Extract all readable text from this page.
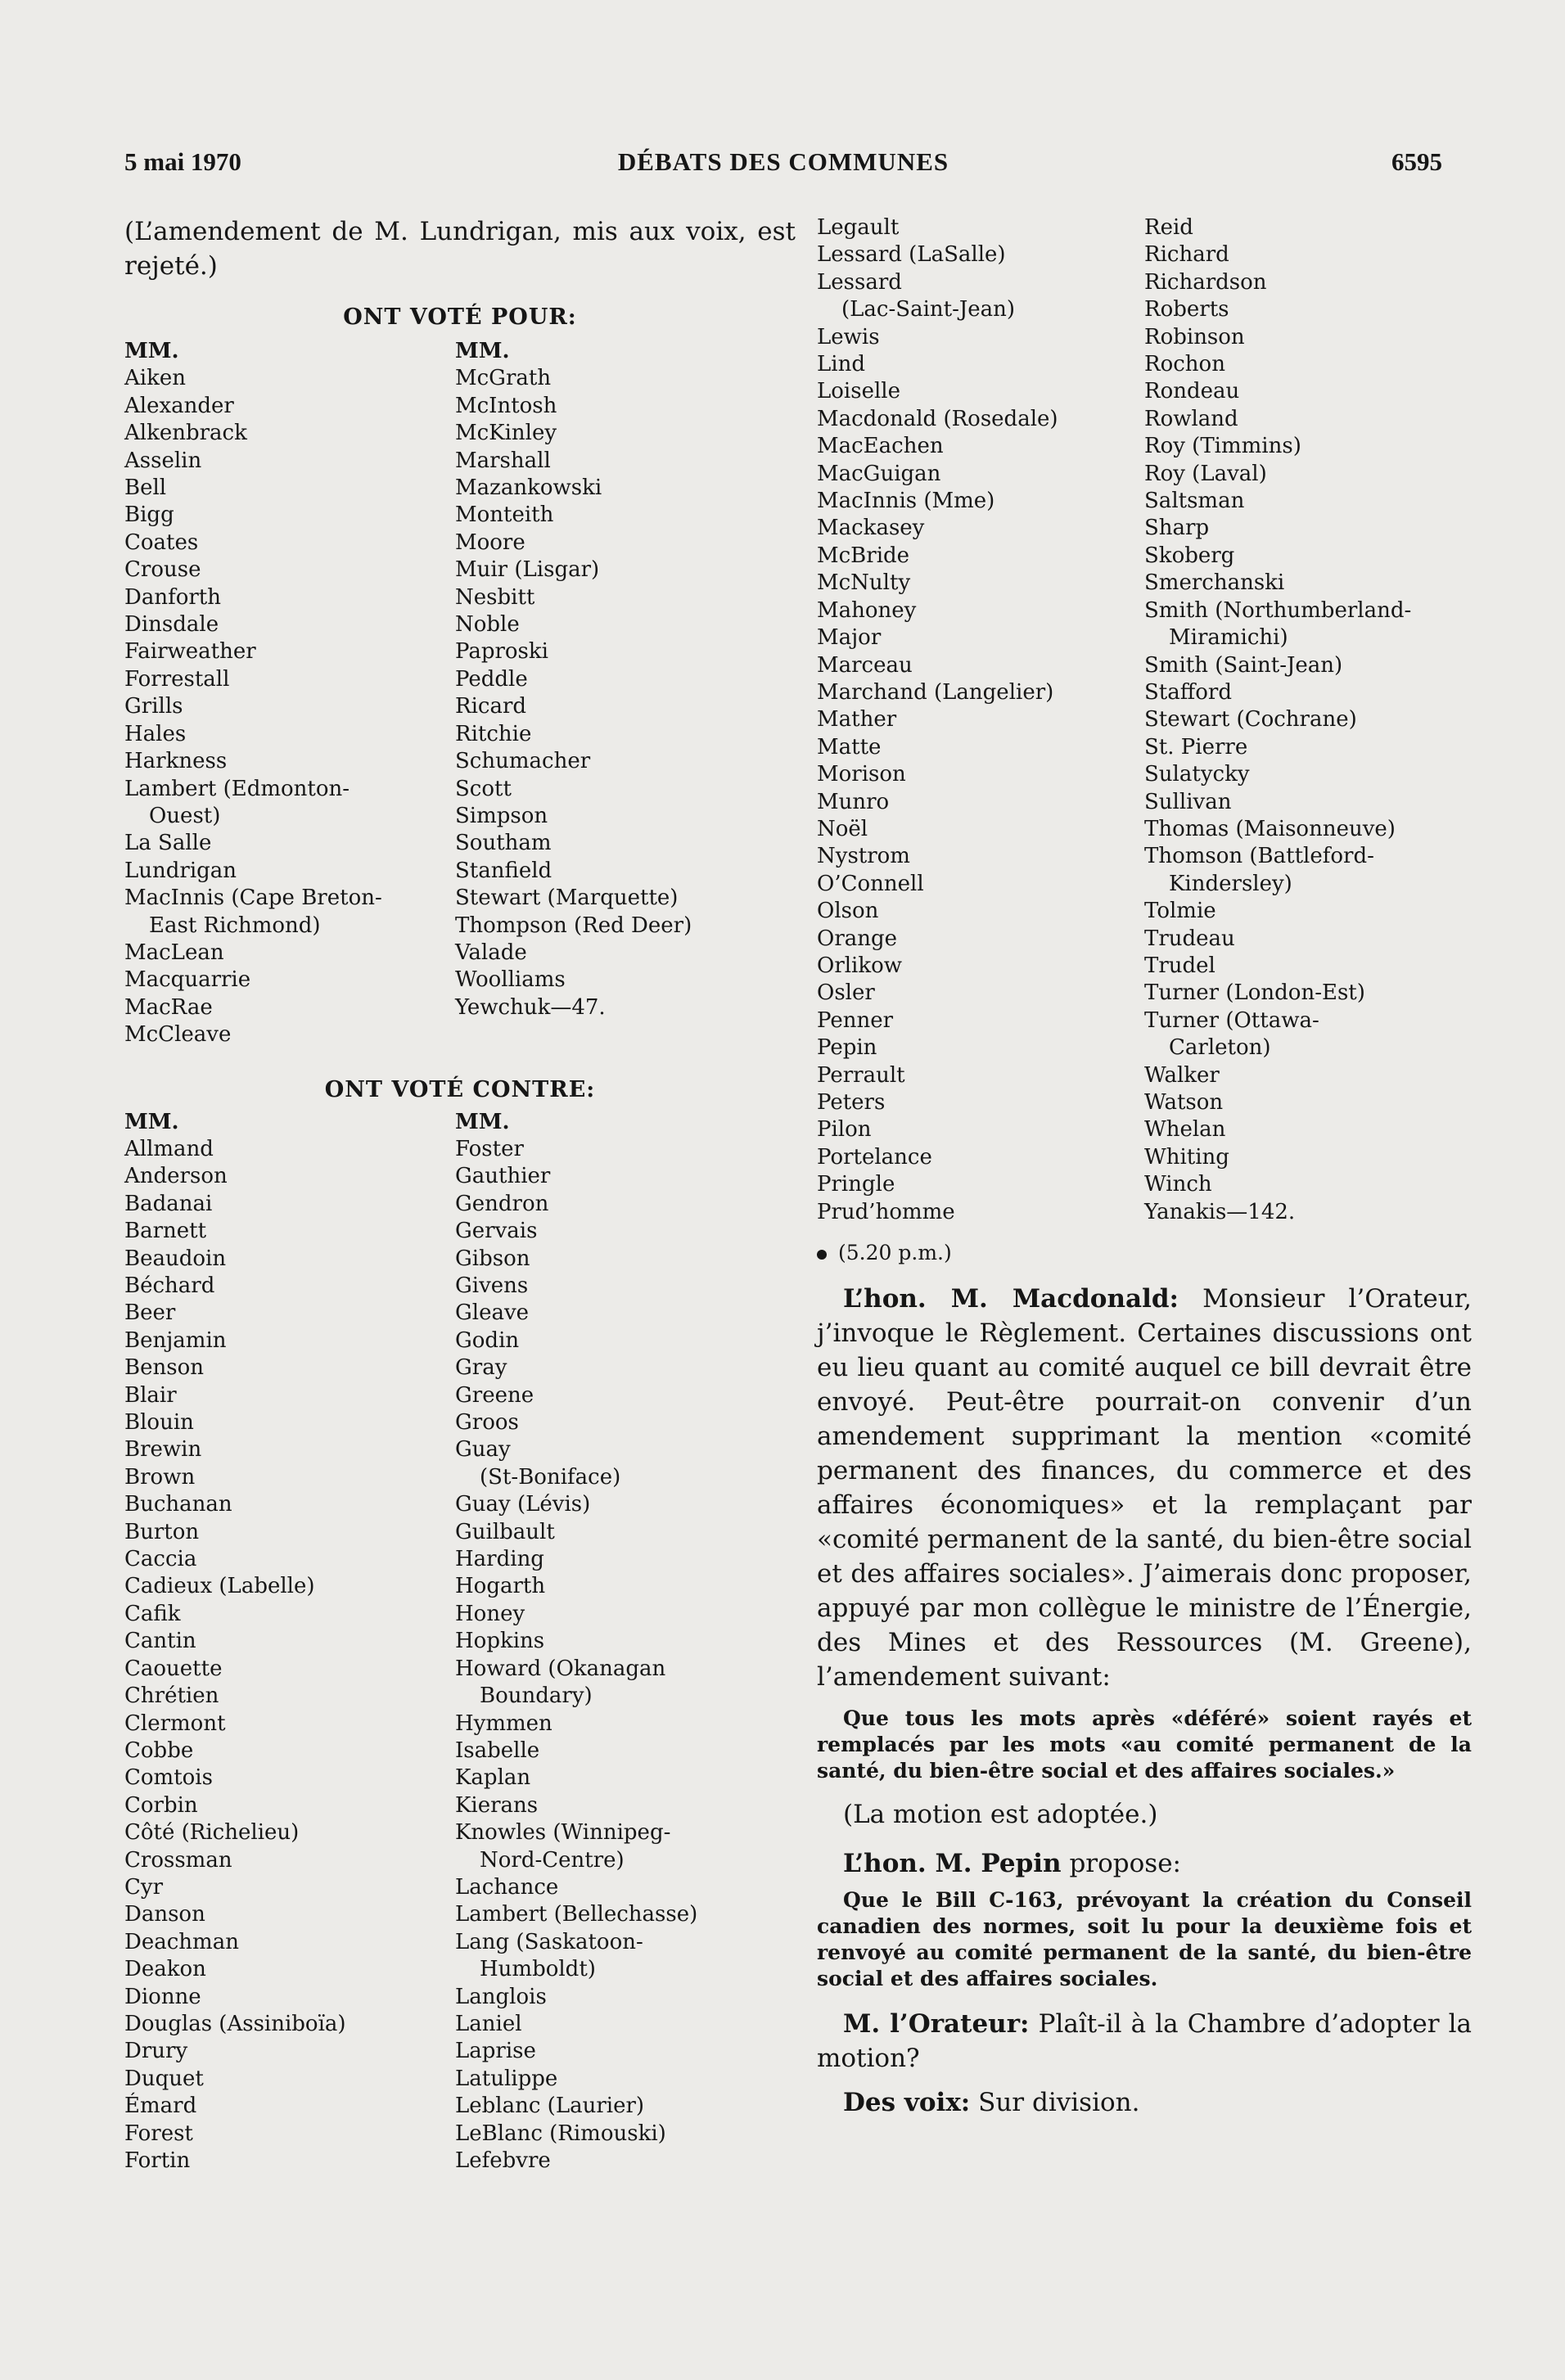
5 mai 1970	DÉBATS DES COMMUNES	6595

(L’amendement de M. Lundrigan, mis aux voix, est rejeté.)

ONT VOTÉ POUR:

MM.
Aiken
Alexander
Alkenbrack
Asselin
Bell
Bigg
Coates
Crouse
Danforth
Dinsdale
Fairweather
Forrestall
Grills
Hales
Harkness
Lambert (Edmonton-
Ouest)
La Salle
Lundrigan
MacInnis (Cape Breton-
East Richmond)
MacLean
Macquarrie
MacRae
McCleave
MM.
McGrath
McIntosh
McKinley
Marshall
Mazankowski
Monteith
Moore
Muir (Lisgar)
Nesbitt
Noble
Paproski
Peddle
Ricard
Ritchie
Schumacher
Scott
Simpson
Southam
Stanfield
Stewart (Marquette)
Thompson (Red Deer)
Valade
Woolliams
Yewchuk—47.

ONT VOTÉ CONTRE:

MM.
Allmand
Anderson
Badanai
Barnett
Beaudoin
Béchard
Beer
Benjamin
Benson
Blair
Blouin
Brewin
Brown
Buchanan
Burton
Caccia
Cadieux (Labelle)
Cafik
Cantin
Caouette
Chrétien
Clermont
Cobbe
Comtois
Corbin
Côté (Richelieu)
Crossman
Cyr
Danson
Deachman
Deakon
Dionne
Douglas (Assiniboïa)
Drury
Duquet
Émard
Forest
Fortin
MM.
Foster
Gauthier
Gendron
Gervais
Gibson
Givens
Gleave
Godin
Gray
Greene
Groos
Guay
(St-Boniface)
Guay (Lévis)
Guilbault
Harding
Hogarth
Honey
Hopkins
Howard (Okanagan
Boundary)
Hymmen
Isabelle
Kaplan
Kierans
Knowles (Winnipeg-
Nord-Centre)
Lachance
Lambert (Bellechasse)
Lang (Saskatoon-
Humboldt)
Langlois
Laniel
Laprise
Latulippe
Leblanc (Laurier)
LeBlanc (Rimouski)
Lefebvre
Legault
Lessard (LaSalle)
Lessard
(Lac-Saint-Jean)
Lewis
Lind
Loiselle
Macdonald (Rosedale)
MacEachen
MacGuigan
MacInnis (Mme)
Mackasey
McBride
McNulty
Mahoney
Major
Marceau
Marchand (Langelier)
Mather
Matte
Morison
Munro
Noël
Nystrom
O’Connell
Olson
Orange
Orlikow
Osler
Penner
Pepin
Perrault
Peters
Pilon
Portelance
Pringle
Prud’homme
Reid
Richard
Richardson
Roberts
Robinson
Rochon
Rondeau
Rowland
Roy (Timmins)
Roy (Laval)
Saltsman
Sharp
Skoberg
Smerchanski
Smith (Northumberland-
Miramichi)
Smith (Saint-Jean)
Stafford
Stewart (Cochrane)
St. Pierre
Sulatycky
Sullivan
Thomas (Maisonneuve)
Thomson (Battleford-
Kindersley)
Tolmie
Trudeau
Trudel
Turner (London-Est)
Turner (Ottawa-
Carleton)
Walker
Watson
Whelan
Whiting
Winch
Yanakis—142.
(5.20 p.m.)

L’hon. M. Macdonald: Monsieur l’Orateur, j’invoque le Règlement. Certaines discussions ont eu lieu quant au comité auquel ce bill devrait être envoyé. Peut-être pourrait-on convenir d’un amendement supprimant la mention «comité permanent des finances, du commerce et des affaires économiques» et la remplaçant par «comité permanent de la santé, du bien-être social et des affaires sociales». J’aimerais donc proposer, appuyé par mon collègue le ministre de l’Énergie, des Mines et des Ressources (M. Greene), l’amendement suivant:

Que tous les mots après «déféré» soient rayés et remplacés par les mots «au comité permanent de la santé, du bien-être social et des affaires sociales.»

(La motion est adoptée.)

L’hon. M. Pepin propose:

Que le Bill C-163, prévoyant la création du Conseil canadien des normes, soit lu pour la deuxième fois et renvoyé au comité permanent de la santé, du bien-être social et des affaires sociales.

M. l’Orateur: Plaît-il à la Chambre d’adopter la motion?

Des voix: Sur division.
